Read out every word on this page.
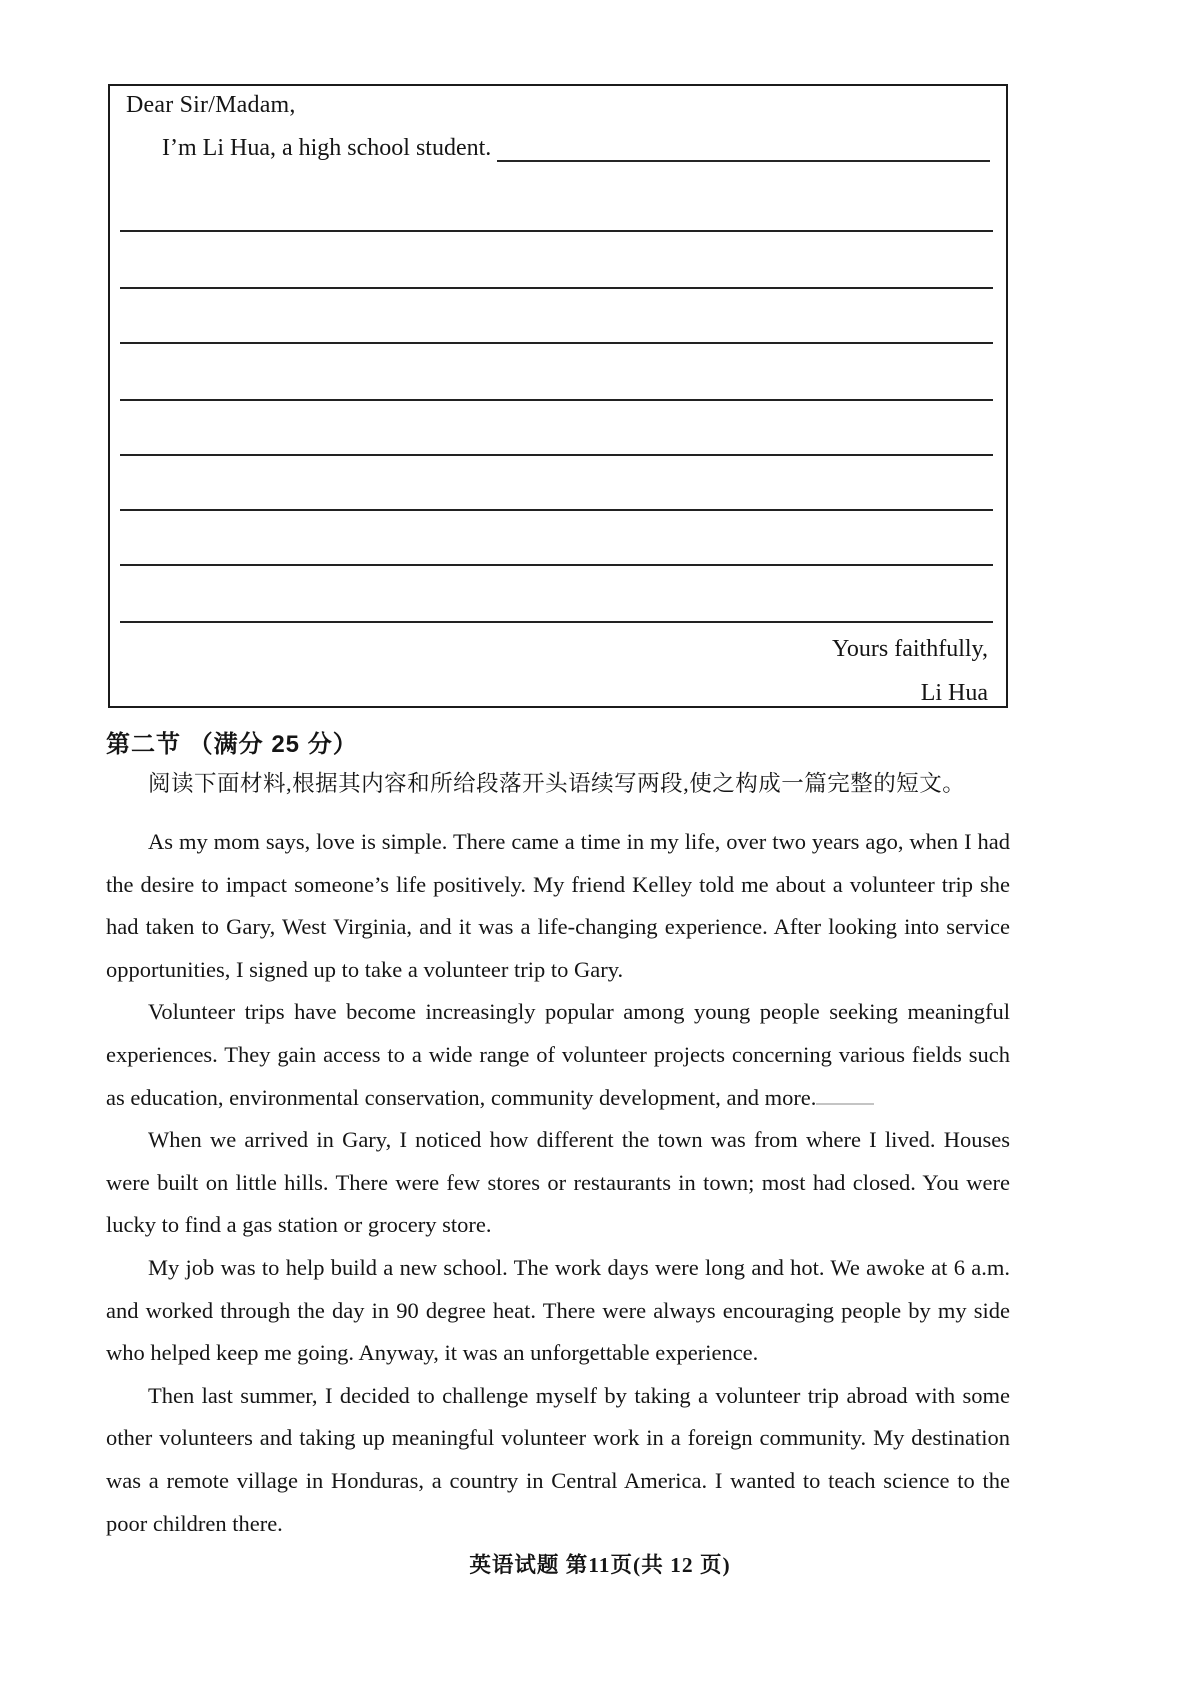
Dear Sir/Madam,
I’m Li Hua, a high school student.
Yours faithfully,
Li Hua
第二节 （满分 25 分）
阅读下面材料,根据其内容和所给段落开头语续写两段,使之构成一篇完整的短文。

As my mom says, love is simple. There came a time in my life, over two years ago, when I had the desire to impact someone’s life positively. My friend Kelley told me about a volunteer trip she had taken to Gary, West Virginia, and it was a life-changing experience. After looking into service opportunities, I signed up to take a volunteer trip to Gary.

Volunteer trips have become increasingly popular among young people seeking meaningful experiences. They gain access to a wide range of volunteer projects concerning various fields such as education, environmental conservation, community development, and more.

When we arrived in Gary, I noticed how different the town was from where I lived. Houses were built on little hills. There were few stores or restaurants in town; most had closed. You were lucky to find a gas station or grocery store.

My job was to help build a new school. The work days were long and hot. We awoke at 6 a.m. and worked through the day in 90 degree heat. There were always encouraging people by my side who helped keep me going. Anyway, it was an unforgettable experience.

Then last summer, I decided to challenge myself by taking a volunteer trip abroad with some other volunteers and taking up meaningful volunteer work in a foreign community. My destination was a remote village in Honduras, a country in Central America. I wanted to teach science to the poor children there.

英语试题 第11页(共 12 页)
